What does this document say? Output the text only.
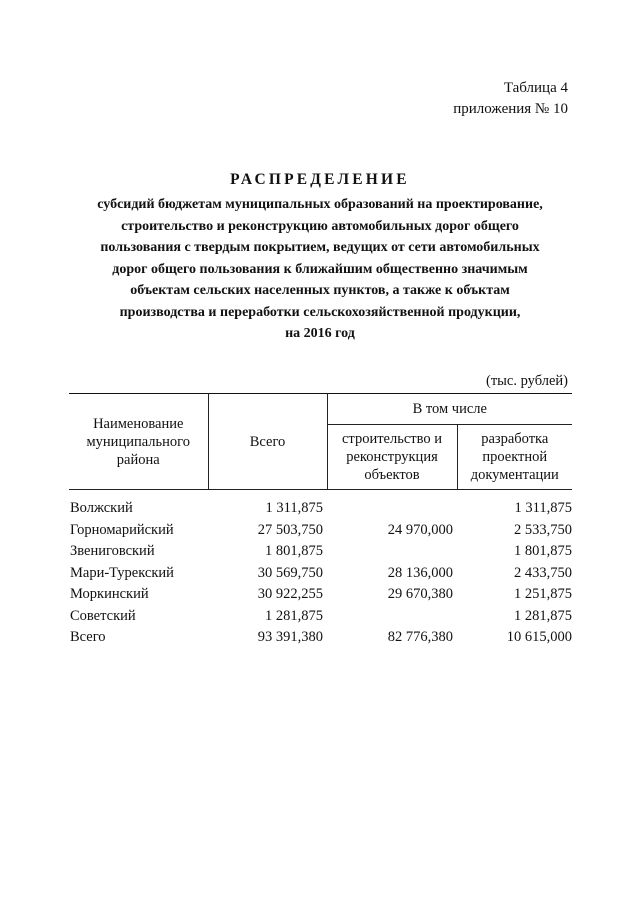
Таблица 4
приложения № 10
РАСПРЕДЕЛЕНИЕ
субсидий бюджетам муниципальных образований на проектирование,
строительство и реконструкцию автомобильных дорог общего
пользования с твердым покрытием, ведущих от сети автомобильных
дорог общего пользования к ближайшим общественно значимым
объектам сельских населенных пунктов, а также к объктам
производства и переработки сельскохозяйственной продукции,
на 2016 год
(тыс. рублей)
Наименование муниципального района	Всего	В том числе	
		строительство и реконструкция объектов	разработка проектной документации
Волжский	1 311,875		1 311,875
Горномарийский	27 503,750	24 970,000	2 533,750
Звениговский	1 801,875		1 801,875
Мари-Турекский	30 569,750	28 136,000	2 433,750
Моркинский	30 922,255	29 670,380	1 251,875
Советский	1 281,875		1 281,875
Всего	93 391,380	82 776,380	10 615,000
